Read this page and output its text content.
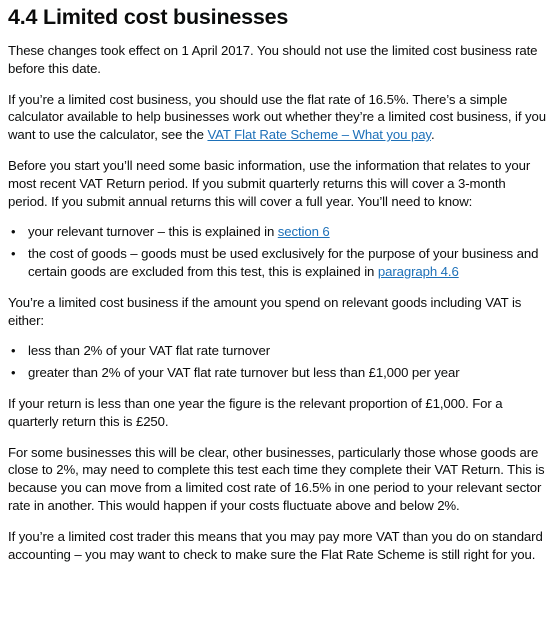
4.4 Limited cost businesses

These changes took effect on 1 April 2017. You should not use the limited cost business rate before this date.

If you’re a limited cost business, you should use the flat rate of 16.5%. There’s a simple calculator available to help businesses work out whether they’re a limited cost business, if you want to use the calculator, see the VAT Flat Rate Scheme – What you pay.

Before you start you’ll need some basic information, use the information that relates to your most recent VAT Return period. If you submit quarterly returns this will cover a 3-month period. If you submit annual returns this will cover a full year. You’ll need to know:

• your relevant turnover – this is explained in section 6
• the cost of goods – goods must be used exclusively for the purpose of your business and certain goods are excluded from this test, this is explained in paragraph 4.6

You’re a limited cost business if the amount you spend on relevant goods including VAT is either:

• less than 2% of your VAT flat rate turnover
• greater than 2% of your VAT flat rate turnover but less than £1,000 per year

If your return is less than one year the figure is the relevant proportion of £1,000. For a quarterly return this is £250.

For some businesses this will be clear, other businesses, particularly those whose goods are close to 2%, may need to complete this test each time they complete their VAT Return. This is because you can move from a limited cost rate of 16.5% in one period to your relevant sector rate in another. This would happen if your costs fluctuate above and below 2%.

If you’re a limited cost trader this means that you may pay more VAT than you do on standard accounting – you may want to check to make sure the Flat Rate Scheme is still right for you.
